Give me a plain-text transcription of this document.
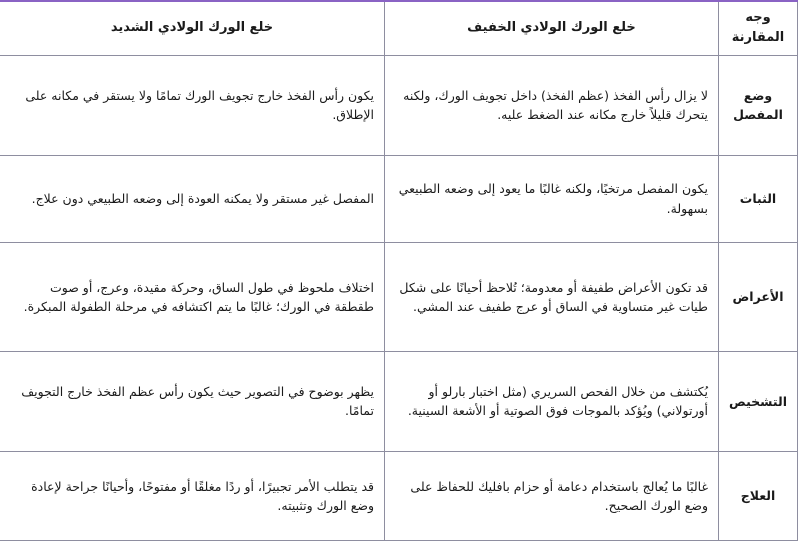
وجه المقارنة	خلع الورك الولادي الخفيف	خلع الورك الولادي الشديد
وضع المفصل	لا يزال رأس الفخذ (عظم الفخذ) داخل تجويف الورك، ولكنه يتحرك قليلاً خارج مكانه عند الضغط عليه.	يكون رأس الفخذ خارج تجويف الورك تمامًا ولا يستقر في مكانه على الإطلاق.
الثبات	يكون المفصل مرتخيًا، ولكنه غالبًا ما يعود إلى وضعه الطبيعي بسهولة.	المفصل غير مستقر ولا يمكنه العودة إلى وضعه الطبيعي دون علاج.
الأعراض	قد تكون الأعراض طفيفة أو معدومة؛ تُلاحظ أحيانًا على شكل طيات غير متساوية في الساق أو عرج طفيف عند المشي.	اختلاف ملحوظ في طول الساق، وحركة مقيدة، وعرج، أو صوت طقطقة في الورك؛ غالبًا ما يتم اكتشافه في مرحلة الطفولة المبكرة.
التشخيص	يُكتشف من خلال الفحص السريري (مثل اختبار بارلو أو أورتولاني) ويُؤكد بالموجات فوق الصوتية أو الأشعة السينية.	يظهر بوضوح في التصوير حيث يكون رأس عظم الفخذ خارج التجويف تمامًا.
العلاج	غالبًا ما يُعالج باستخدام دعامة أو حزام بافليك للحفاظ على وضع الورك الصحيح.	قد يتطلب الأمر تجبيرًا، أو ردًا مغلقًا أو مفتوحًا، وأحيانًا جراحة لإعادة وضع الورك وتثبيته.
